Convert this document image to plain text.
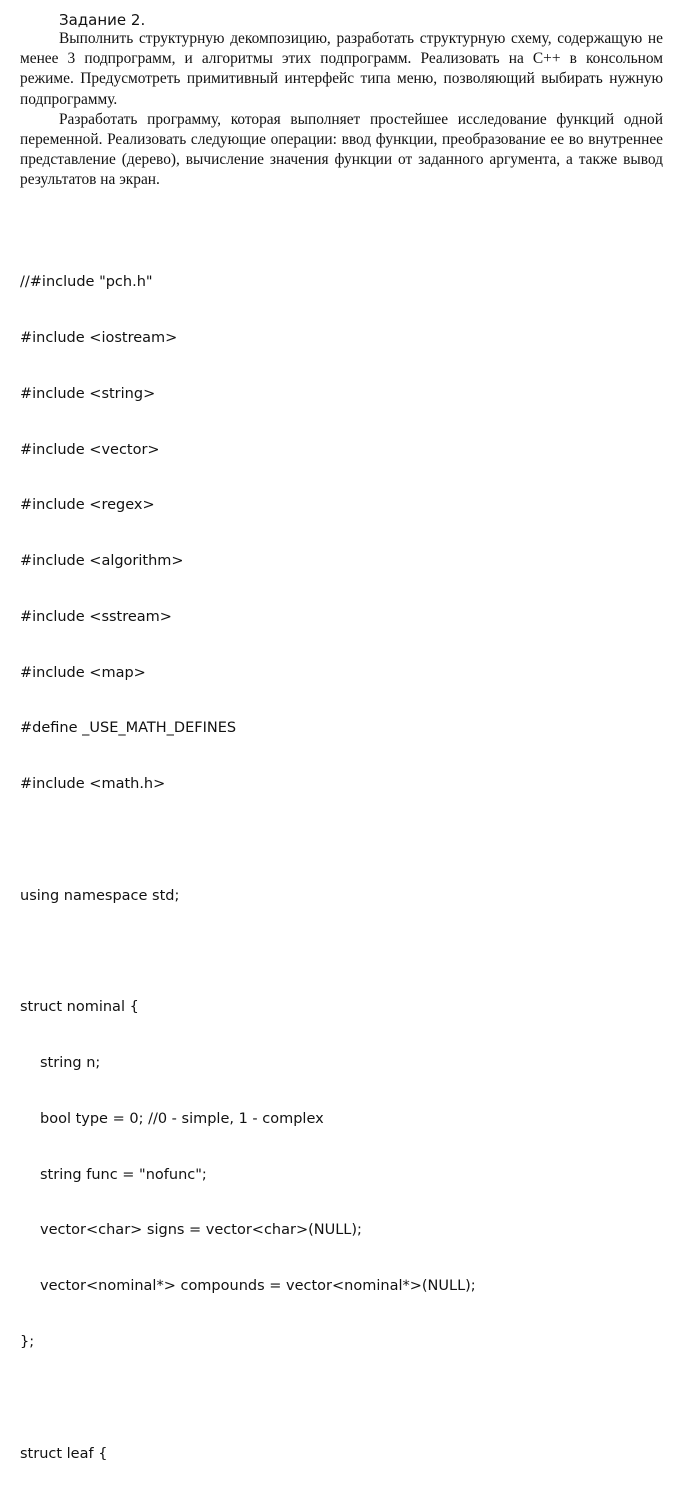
Задание 2.

Выполнить структурную декомпозицию, разработать структурную схему, содержащую не менее 3 подпрограмм, и алгоритмы этих подпрограмм. Реализовать на C++ в консольном режиме. Предусмотреть примитивный интерфейс типа меню, позволяющий выбирать нужную подпрограмму.

Разработать программу, которая выполняет простейшее исследование функций одной переменной. Реализовать следующие операции: ввод функции, преобразование ее во внутреннее представление (дерево), вычисление значения функции от заданного аргумента, а также вывод результатов на экран.

//#include "pch.h"

#include <iostream>

#include <string>

#include <vector>

#include <regex>

#include <algorithm>

#include <sstream>

#include <map>

#define _USE_MATH_DEFINES

#include <math.h>

using namespace std;

struct nominal {

string n;

bool type = 0; //0 - simple, 1 - complex

string func = "nofunc";

vector<char> signs = vector<char>(NULL);

vector<nominal*> compounds = vector<nominal*>(NULL);

};

struct leaf {
